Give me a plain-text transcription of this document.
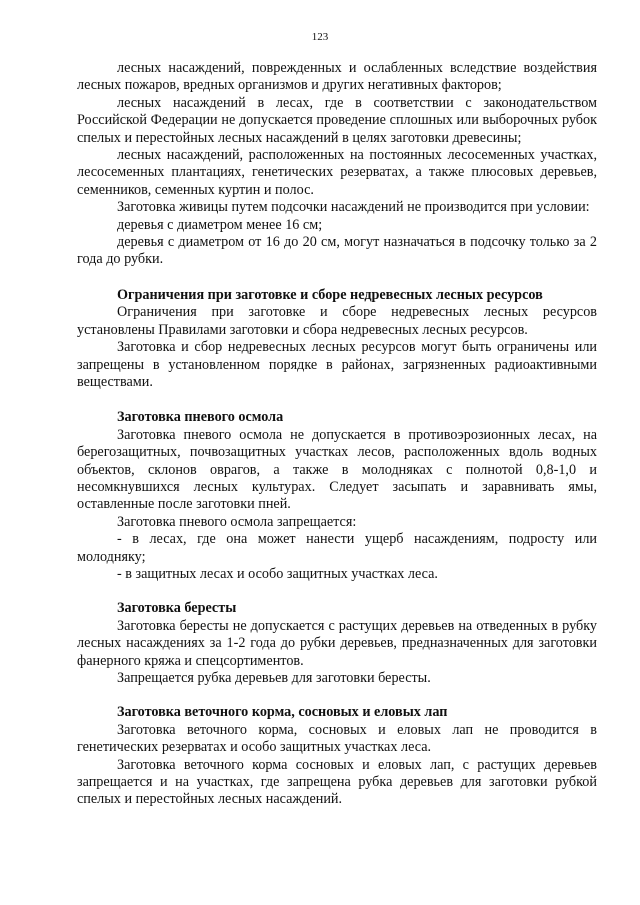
123

лесных насаждений, поврежденных и ослабленных вследствие воздействия лесных пожаров, вредных организмов и других негативных факторов;

лесных насаждений в лесах, где в соответствии с законодательством Российской Федерации не допускается проведение сплошных или выборочных рубок спелых и перестойных лесных насаждений в целях заготовки древесины;

лесных насаждений, расположенных на постоянных лесосеменных участках, лесосеменных плантациях, генетических резерватах, а также плюсовых деревьев, семенников, семенных куртин и полос.

Заготовка живицы путем подсочки насаждений не производится при условии:

деревья с диаметром менее 16 см;

деревья с диаметром от 16 до 20 см, могут назначаться в подсочку только за 2 года до рубки.

Ограничения при заготовке и сборе недревесных лесных ресурсов

Ограничения при заготовке и сборе недревесных лесных ресурсов установлены Правилами заготовки и сбора недревесных лесных ресурсов.

Заготовка и сбор недревесных лесных ресурсов могут быть ограничены или запрещены в установленном порядке в районах, загрязненных радиоактивными веществами.

Заготовка пневого осмола

Заготовка пневого осмола не допускается в противоэрозионных лесах, на берегозащитных, почвозащитных участках лесов, расположенных вдоль водных объектов, склонов оврагов, а также в молодняках с полнотой 0,8-1,0 и несомкнувшихся лесных культурах. Следует засыпать и заравнивать ямы, оставленные после заготовки пней.

Заготовка пневого осмола запрещается:

- в лесах, где она может нанести ущерб насаждениям, подросту или молодняку;

- в защитных лесах и особо защитных участках леса.

Заготовка бересты

Заготовка бересты не допускается с растущих деревьев на отведенных в рубку лесных насаждениях за 1-2 года до рубки деревьев, предназначенных для заготовки фанерного кряжа и спецсортиментов.

Запрещается рубка деревьев для заготовки бересты.

Заготовка веточного корма, сосновых и еловых лап

Заготовка веточного корма, сосновых и еловых лап не проводится в генетических резерватах и особо защитных участках леса.

Заготовка веточного корма сосновых и еловых лап, с растущих деревьев запрещается и на участках, где запрещена рубка деревьев для заготовки рубкой спелых и перестойных лесных насаждений.
